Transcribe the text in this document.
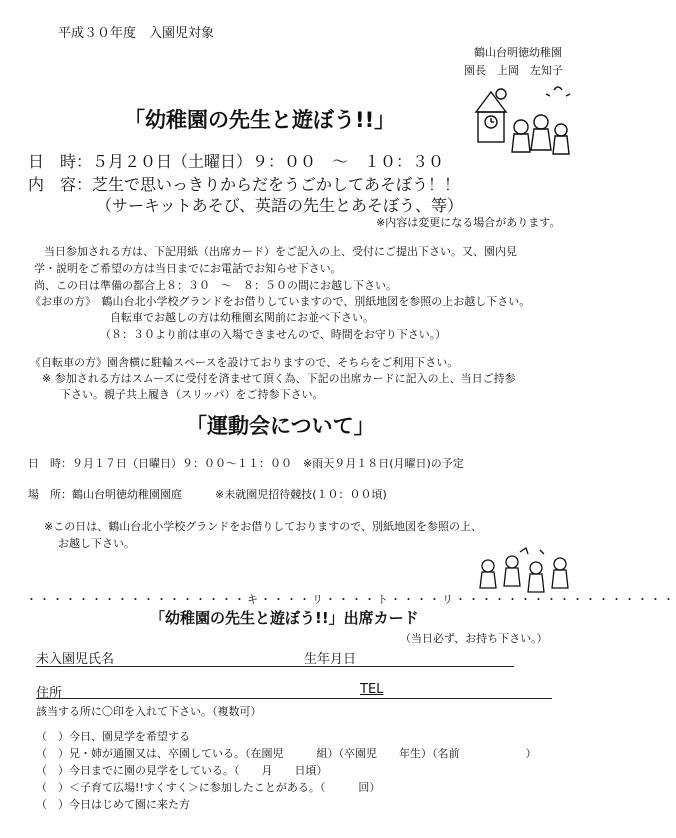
平成３０年度　入園児対象
鶴山台明徳幼稚園
園長　上岡　左知子
「幼稚園の先生と遊ぼう!!」
日　時：５月２０日（土曜日）９：００　～　１０：３０
内　容：芝生で思いっきりからだをうごかしてあそぼう！！
（サーキットあそび、英語の先生とあそぼう、等）
※内容は変更になる場合があります。
当日参加される方は、下記用紙（出席カード）をご記入の上、受付にご提出下さい。又、園内見
学・説明をご希望の方は当日までにお電話でお知らせ下さい。
尚、この日は準備の都合上８：３０　～　８：５０の間にお越し下さい。
《お車の方》　鶴山台北小学校グランドをお借りしていますので、別紙地図を参照の上お越し下さい。
自転車でお越しの方は幼稚園玄関前にお並べ下さい。
（８：３０より前は車の入場できませんので、時間をお守り下さい。）
《自転車の方》園舎横に駐輪スペースを設けておりますので、そちらをご利用下さい。
※ 参加される方はスムーズに受付を済ませて頂く為、下記の出席カードに記入の上、当日ご持参
下さい。親子共上履き（スリッパ）をご持参下さい。
「運動会について」
日　時：９月１７日（日曜日）９：００～１１：００　※雨天９月１８日(月曜日)の予定
場　所：鶴山台明徳幼稚園園庭　　　※未就園児招待競技(１０：００頃)
※この日は、鶴山台北小学校グランドをお借りしておりますので、別紙地図を参照の上、
お越し下さい。
・・・・・・・・・・・・・・・・・キ・・・・リ・・・・ト・・・・リ・・・・・・・・・・・・・・・・・
「幼稚園の先生と遊ぼう!!」出席カード
（当日必ず、お持ち下さい。）
未入園児氏名	生年月日
住所	TEL
該当する所に〇印を入れて下さい。（複数可）
（　）今日、園見学を希望する
（　）兄・姉が通園又は、卒園している。（在園児　　　組）（卒園児　　年生）（名前　　　　　　）
（　）今日までに園の見学をしている。（　　月　　日頃）
（　）＜子育て広場!!すくすく＞に参加したことがある。（　　　回）
（　）今日はじめて園に来た方
